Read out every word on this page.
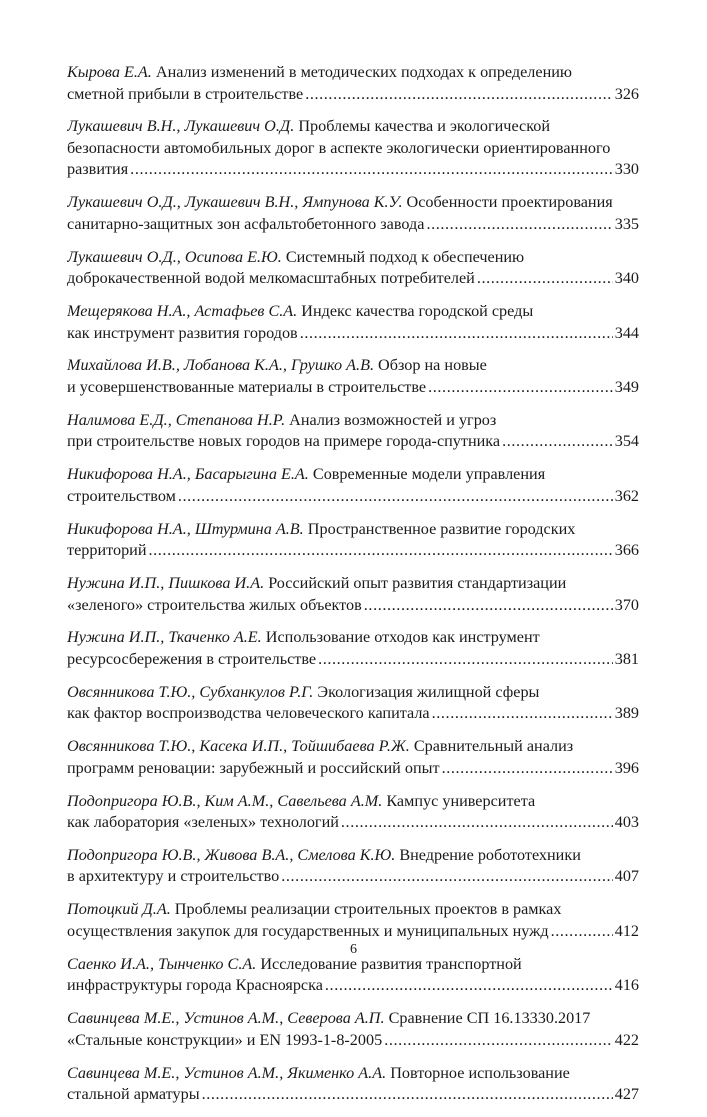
Кырова Е.А. Анализ изменений в методических подходах к определению
сметной прибыли в строительстве .....	326
Лукашевич В.Н., Лукашевич О.Д. Проблемы качества и экологической
безопасности автомобильных дорог в аспекте экологически ориентированного
развития .....	330
Лукашевич О.Д., Лукашевич В.Н., Ямпунова К.У. Особенности проектирования
санитарно-защитных зон асфальтобетонного завода .....	335
Лукашевич О.Д., Осипова Е.Ю. Системный подход к обеспечению
доброкачественной водой мелкомасштабных потребителей .....	340
Мещерякова Н.А., Астафьев С.А. Индекс качества городской среды
как инструмент развития городов .....	344
Михайлова И.В., Лобанова К.А., Грушко А.В. Обзор на новые
и усовершенствованные материалы в строительстве .....	349
Налимова Е.Д., Степанова Н.Р. Анализ возможностей и угроз
при строительстве новых городов на примере города-спутника .....	354
Никифорова Н.А., Басарыгина Е.А. Современные модели управления
строительством .....	362
Никифорова Н.А., Штурмина А.В. Пространственное развитие городских
территорий .....	366
Нужина И.П., Пишкова И.А. Российский опыт развития стандартизации
«зеленого» строительства жилых объектов .....	370
Нужина И.П., Ткаченко А.Е. Использование отходов как инструмент
ресурсосбережения в строительстве .....	381
Овсянникова Т.Ю., Субханкулов Р.Г. Экологизация жилищной сферы
как фактор воспроизводства человеческого капитала .....	389
Овсянникова Т.Ю., Касека И.П., Тойшибаева Р.Ж. Сравнительный анализ
программ реновации: зарубежный и российский опыт .....	396
Подопригора Ю.В., Ким А.М., Савельева А.М. Кампус университета
как лаборатория «зеленых» технологий .....	403
Подопригора Ю.В., Живова В.А., Смелова К.Ю. Внедрение робототехники
в архитектуру и строительство .....	407
Потоцкий Д.А. Проблемы реализации строительных проектов в рамках
осуществления закупок для государственных и муниципальных нужд .....	412
Саенко И.А., Тынченко С.А. Исследование развития транспортной
инфраструктуры города Красноярска .....	416
Савинцева М.Е., Устинов А.М., Северова А.П. Сравнение СП 16.13330.2017
«Стальные конструкции» и EN 1993-1-8-2005 .....	422
Савинцева М.Е., Устинов А.М., Якименко А.А. Повторное использование
стальной арматуры .....	427
6
